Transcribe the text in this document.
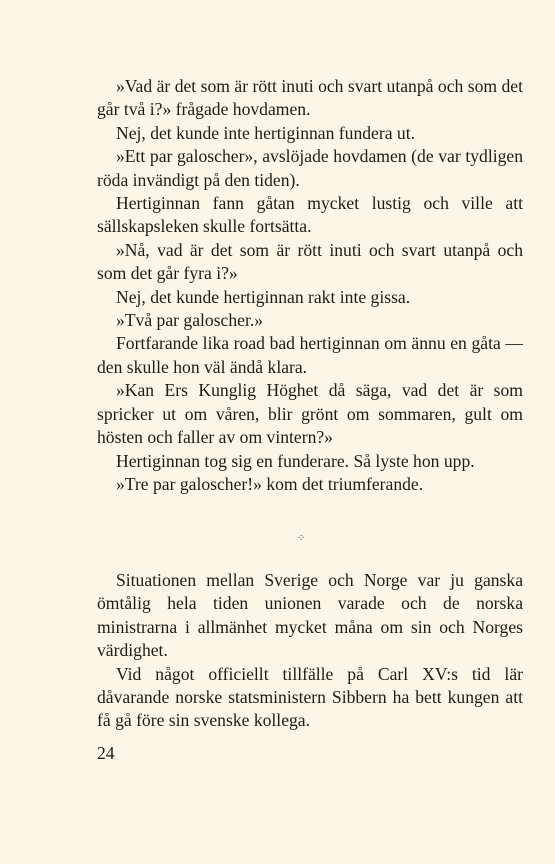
»Vad är det som är rött inuti och svart utanpå och som det går två i?» frågade hovdamen.

Nej, det kunde inte hertiginnan fundera ut.

»Ett par galoscher», avslöjade hovdamen (de var tydligen röda invändigt på den tiden).

Hertiginnan fann gåtan mycket lustig och ville att sällskapsleken skulle fortsätta.

»Nå, vad är det som är rött inuti och svart utanpå och som det går fyra i?»

Nej, det kunde hertiginnan rakt inte gissa.

»Två par galoscher.»

Fortfarande lika road bad hertiginnan om ännu en gåta — den skulle hon väl ändå klara.

»Kan Ers Kunglig Höghet då säga, vad det är som spricker ut om våren, blir grönt om sommaren, gult om hösten och faller av om vintern?»

Hertiginnan tog sig en funderare. Så lyste hon upp.

»Tre par galoscher!» kom det triumferande.

⁘

Situationen mellan Sverige och Norge var ju ganska ömtålig hela tiden unionen varade och de norska ministrarna i allmänhet mycket måna om sin och Norges värdighet.

Vid något officiellt tillfälle på Carl XV:s tid lär dåvarande norske statsministern Sibbern ha bett kungen att få gå före sin svenske kollega.

24
